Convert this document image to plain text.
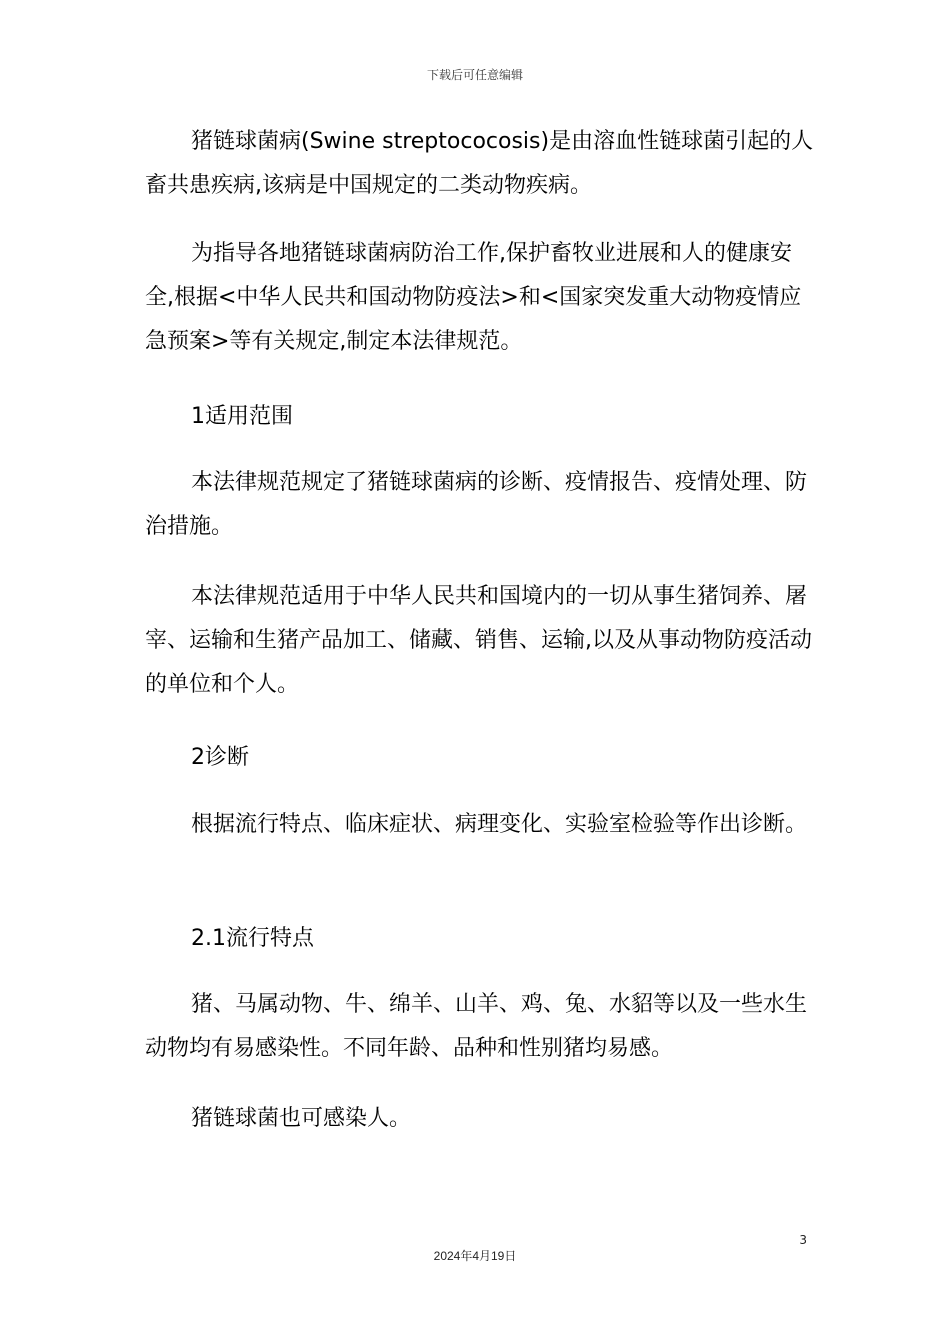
下载后可任意编辑
猪链球菌病(Swine streptococosis)是由溶血性链球菌引起的人畜共患疾病,该病是中国规定的二类动物疾病。
为指导各地猪链球菌病防治工作,保护畜牧业进展和人的健康安全,根据<中华人民共和国动物防疫法>和<国家突发重大动物疫情应急预案>等有关规定,制定本法律规范。
1适用范围
本法律规范规定了猪链球菌病的诊断、疫情报告、疫情处理、防治措施。
本法律规范适用于中华人民共和国境内的一切从事生猪饲养、屠宰、运输和生猪产品加工、储藏、销售、运输,以及从事动物防疫活动的单位和个人。
2诊断
根据流行特点、临床症状、病理变化、实验室检验等作出诊断。
2.1流行特点
猪、马属动物、牛、绵羊、山羊、鸡、兔、水貂等以及一些水生动物均有易感染性。不同年龄、品种和性别猪均易感。
猪链球菌也可感染人。
3
2024年4月19日
